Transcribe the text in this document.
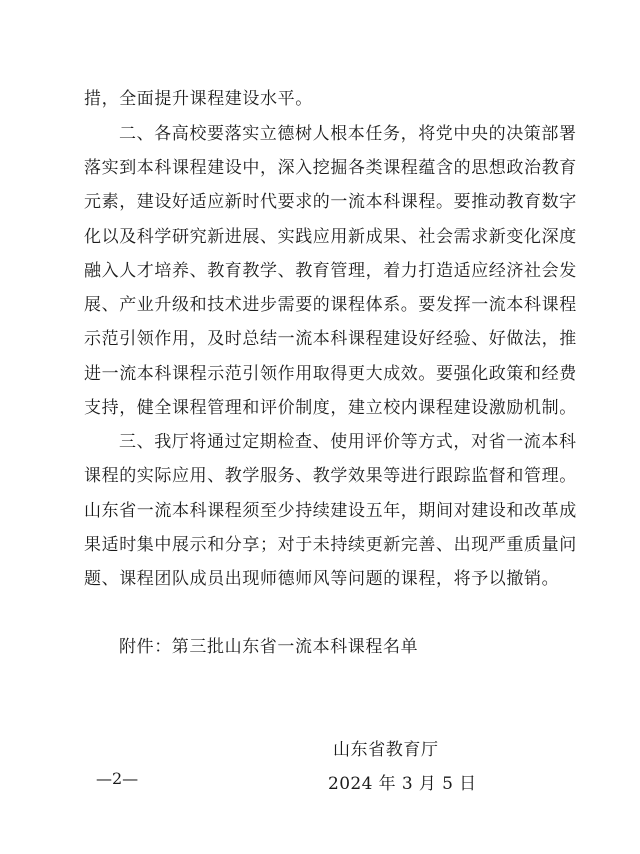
措，全面提升课程建设水平。
二、各高校要落实立德树人根本任务，将党中央的决策部署
落实到本科课程建设中，深入挖掘各类课程蕴含的思想政治教育
元素，建设好适应新时代要求的一流本科课程。要推动教育数字
化以及科学研究新进展、实践应用新成果、社会需求新变化深度
融入人才培养、教育教学、教育管理，着力打造适应经济社会发
展、产业升级和技术进步需要的课程体系。要发挥一流本科课程
示范引领作用，及时总结一流本科课程建设好经验、好做法，推
进一流本科课程示范引领作用取得更大成效。要强化政策和经费
支持，健全课程管理和评价制度，建立校内课程建设激励机制。
三、我厅将通过定期检查、使用评价等方式，对省一流本科
课程的实际应用、教学服务、教学效果等进行跟踪监督和管理。
山东省一流本科课程须至少持续建设五年，期间对建设和改革成
果适时集中展示和分享；对于未持续更新完善、出现严重质量问
题、课程团队成员出现师德师风等问题的课程，将予以撤销。
附件：第三批山东省一流本科课程名单
山东省教育厅
2024 年 3 月 5 日
—2—
